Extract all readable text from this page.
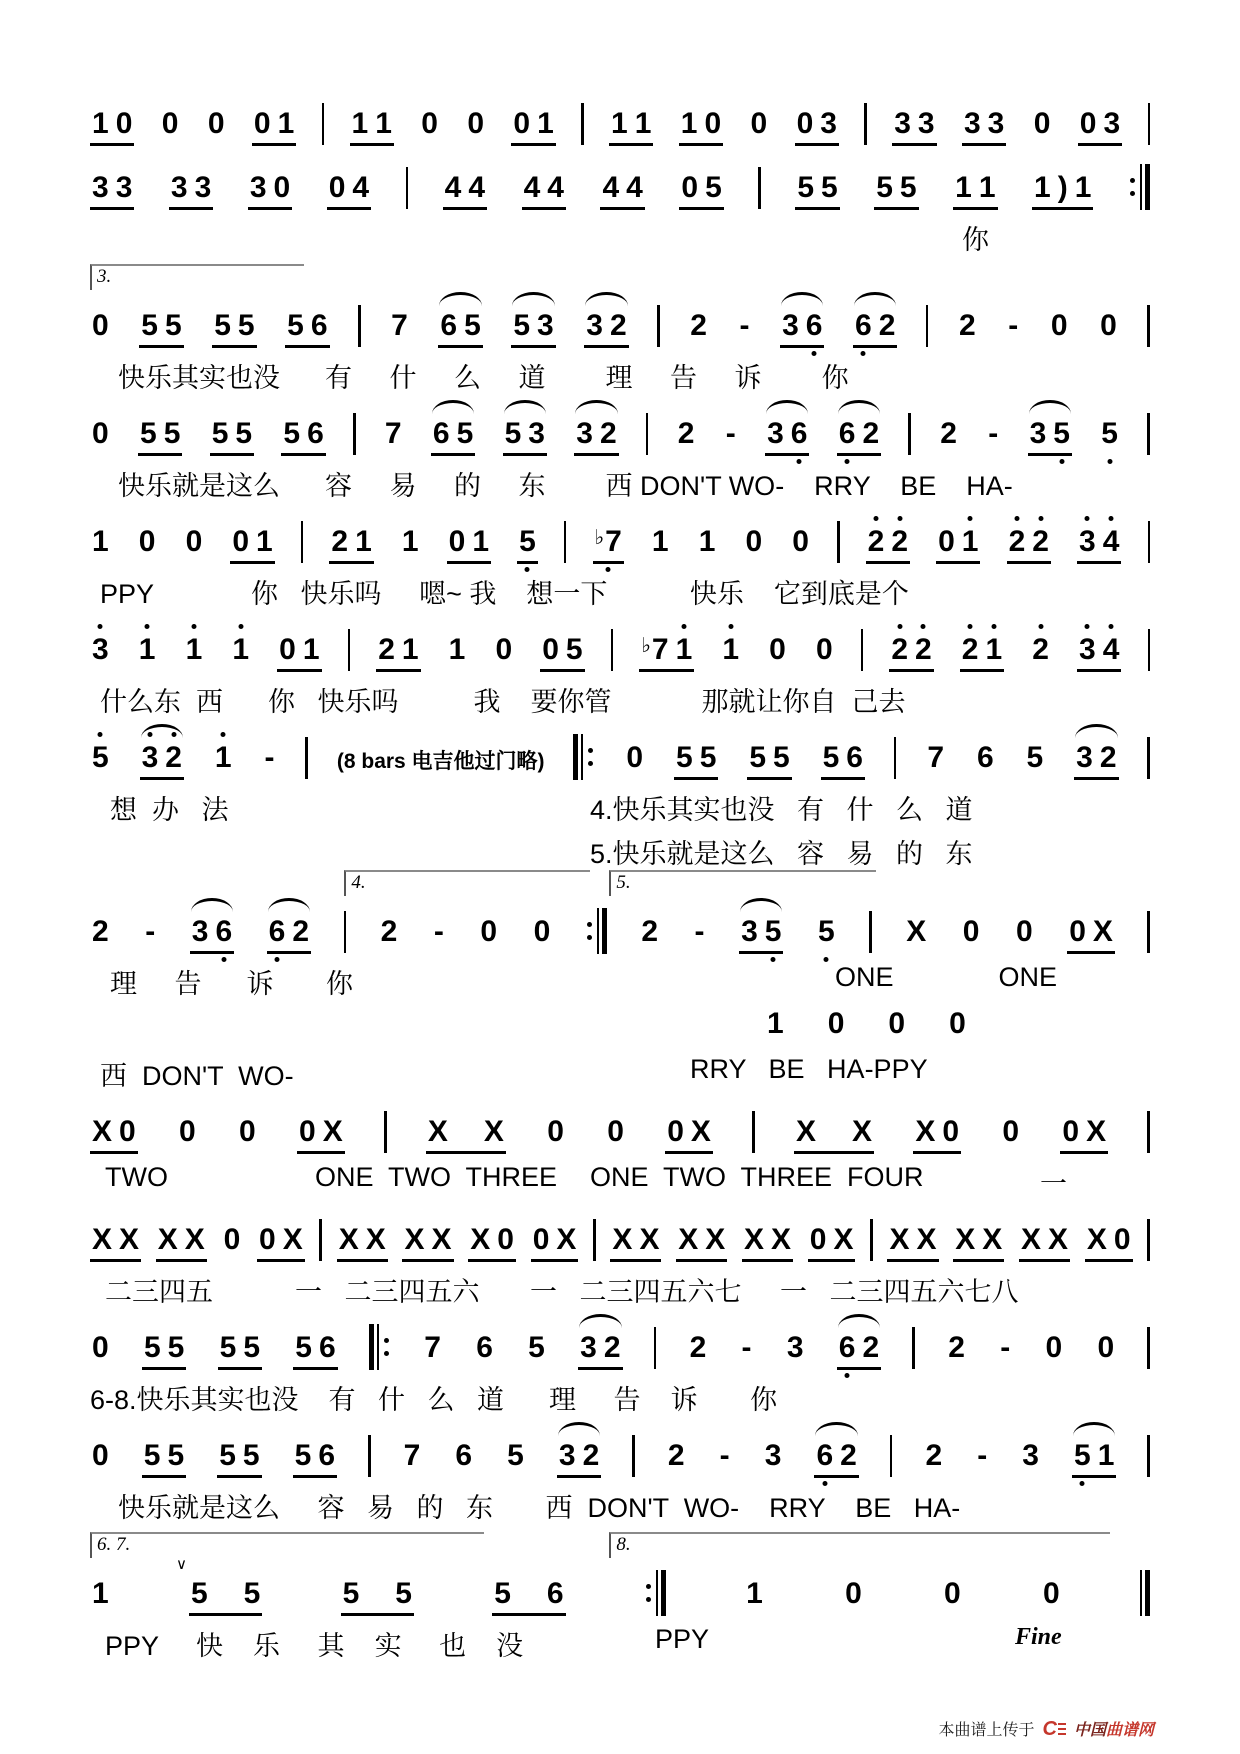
1 0 0 0 0 1 1 1 0 0 0 1 1 1 1 0 0 0 3 3 3 3 3 0 0 3
3 3 3 3 3 0 0 4	4 4 4 4 4 4 0 5	5 5 5 5 1 1 1 ) 1
你
3.
0 5 5 5 5 5 6 7 6 5 5 3 3 2 2 - 3 6 6 2 2 - 0 0
快乐其实也没      有     什     么     道        理     告     诉        你
0 5 5 5 5 5 6 7 6 5 5 3 3 2 2 - 3 6 6 2 2 - 3 5 5
快乐就是这么      容     易     的     东        西 DON'T WO-    RRY    BE    HA-
1 0 0 0 1 2 1 1 0 1 5	♭7 1 1 0 0 2 2 0 1 2 2 3 4
PPY             你   快乐吗     嗯~ 我    想一下           快乐    它到底是个
3 1 1 1 0 1 2 1 1 0 0 5	♭7 1 1 0 0 2 2 2 1 2 3 4
什么东  西      你   快乐吗          我    要你管            那就让你自  己去
5 3 2 1 -	(8 bars 电吉他过门略)	0 5 5 5 5 5 6 7 6 5 3 2
想  办   法	4.快乐其实也没   有   什   么   道
5.快乐就是这么   容   易   的   东
4.	5.
2 - 3 6 6 2 2 - 0 0	2 - 3 5 5 X 0 0 0 X
理     告      诉       你	ONE              ONE
1 0 0 0
西  DON'T  WO-	RRY   BE   HA-PPY
X 0 0 0 0 X	X X 0 0 0 X	X X X 0 0 0 X
TWO	ONE  TWO  THREE ONE  TWO  THREE  FOUR	一
X X X X 0 0 X X X X X X 0 0 X X X X X X X 0 X X X X X X X X 0
二三四五	一   二三四五六 一   二三四五六七 一   二三四五六七八
0 5 5 5 5 5 6	7 6 5 3 2 2 - 3 6 2 2 - 0 0
6-8.快乐其实也没    有   什   么   道      理     告    诉       你
0 5 5 5 5 5 6 7 6 5 3 2 2 - 3 6 2 2 - 3 5 1
快乐就是这么     容   易   的   东       西  DON'T  WO-    RRY    BE   HA-
6. 7.	8.
1	5
∨
5	5 5	5 6	1	0	0	0
PPY     快    乐     其    实     也    没	PPY	Fine
本曲谱上传于 C 中国曲谱网
